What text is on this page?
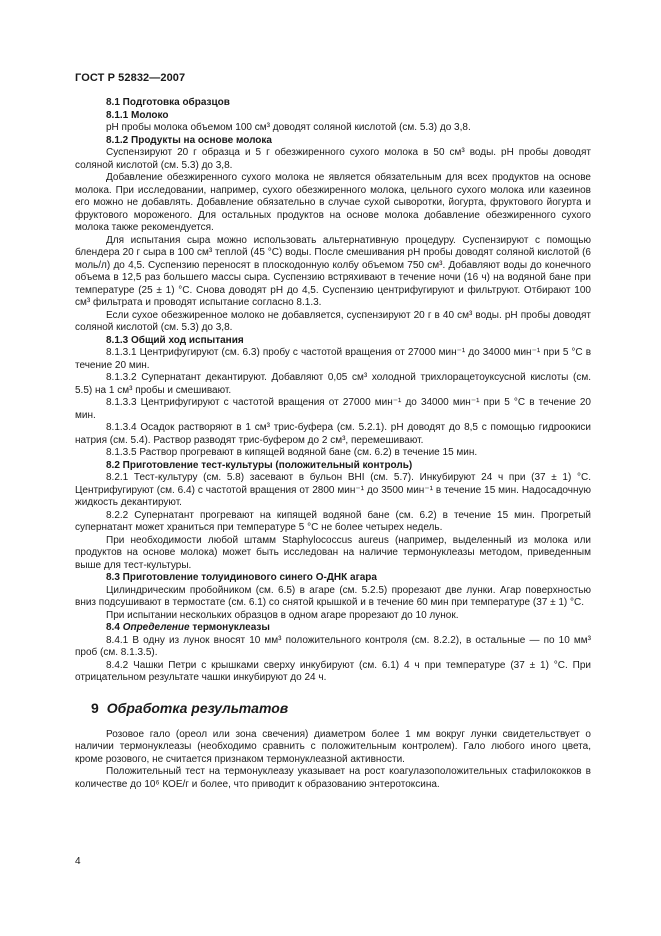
ГОСТ Р 52832—2007

8.1 Подготовка образцов

8.1.1 Молоко

pH пробы молока объемом 100 см³ доводят соляной кислотой (см. 5.3) до 3,8.

8.1.2 Продукты на основе молока

Суспензируют 20 г образца и 5 г обезжиренного сухого молока в 50 см³ воды. pH пробы доводят соляной кислотой (см. 5.3) до 3,8.

Добавление обезжиренного сухого молока не является обязательным для всех продуктов на основе молока. При исследовании, например, сухого обезжиренного молока, цельного сухого молока или казеинов его можно не добавлять. Добавление обязательно в случае сухой сыворотки, йогурта, фруктового йогурта и фруктового мороженого. Для остальных продуктов на основе молока добавление обезжиренного сухого молока также рекомендуется.

Для испытания сыра можно использовать альтернативную процедуру. Суспензируют с помощью блендера 20 г сыра в 100 см³ теплой (45 °С) воды. После смешивания pH пробы доводят соляной кислотой (6 моль/л) до 4,5. Суспензию переносят в плоскодонную колбу объемом 750 см³. Добавляют воды до конечного объема в 12,5 раз большего массы сыра. Суспензию встряхивают в течение ночи (16 ч) на водяной бане при температуре (25 ± 1) °С. Снова доводят pH до 4,5. Суспензию центрифугируют и фильтруют. Отбирают 100 см³ фильтрата и проводят испытание согласно 8.1.3.

Если сухое обезжиренное молоко не добавляется, суспензируют 20 г в 40 см³ воды. pH пробы доводят соляной кислотой (см. 5.3) до 3,8.

8.1.3 Общий ход испытания

8.1.3.1 Центрифугируют (см. 6.3) пробу с частотой вращения от 27000 мин⁻¹ до 34000 мин⁻¹ при 5 °С в течение 20 мин.

8.1.3.2 Супернатант декантируют. Добавляют 0,05 см³ холодной трихлорацетоуксусной кислоты (см. 5.5) на 1 см³ пробы и смешивают.

8.1.3.3 Центрифугируют с частотой вращения от 27000 мин⁻¹ до 34000 мин⁻¹ при 5 °С в течение 20 мин.

8.1.3.4 Осадок растворяют в 1 см³ трис-буфера (см. 5.2.1). pH доводят до 8,5 с помощью гидроокиси натрия (см. 5.4). Раствор разводят трис-буфером до 2 см³, перемешивают.

8.1.3.5 Раствор прогревают в кипящей водяной бане (см. 6.2) в течение 15 мин.

8.2 Приготовление тест-культуры (положительный контроль)

8.2.1 Тест-культуру (см. 5.8) засевают в бульон ВНI (см. 5.7). Инкубируют 24 ч при (37 ± 1) °С. Центрифугируют (см. 6.4) с частотой вращения от 2800 мин⁻¹ до 3500 мин⁻¹ в течение 15 мин. Надосадочную жидкость декантируют.

8.2.2 Супернатант прогревают на кипящей водяной бане (см. 6.2) в течение 15 мин. Прогретый супернатант может храниться при температуре 5 °С не более четырех недель.

При необходимости любой штамм Staphylococcus aureus (например, выделенный из молока или продуктов на основе молока) может быть исследован на наличие термонуклеазы методом, приведенным выше для тест-культуры.

8.3 Приготовление толуидинового синего О-ДНК агара

Цилиндрическим пробойником (см. 6.5) в агаре (см. 5.2.5) прорезают две лунки. Агар поверхностью вниз подсушивают в термостате (см. 6.1) со снятой крышкой и в течение 60 мин при температуре (37 ± 1) °С.

При испытании нескольких образцов в одном агаре прорезают до 10 лунок.

8.4 Определение термонуклеазы

8.4.1 В одну из лунок вносят 10 мм³ положительного контроля (см. 8.2.2), в остальные — по 10 мм³ проб (см. 8.1.3.5).

8.4.2 Чашки Петри с крышками сверху инкубируют (см. 6.1) 4 ч при температуре (37 ± 1) °С. При отрицательном результате чашки инкубируют до 24 ч.

9 Обработка результатов

Розовое гало (ореол или зона свечения) диаметром более 1 мм вокруг лунки свидетельствует о наличии термонуклеазы (необходимо сравнить с положительным контролем). Гало любого иного цвета, кроме розового, не считается признаком термонуклеазной активности.

Положительный тест на термонуклеазу указывает на рост коагулазоположительных стафилококков в количестве до 10⁶ КОЕ/г и более, что приводит к образованию энтеротоксина.

4
